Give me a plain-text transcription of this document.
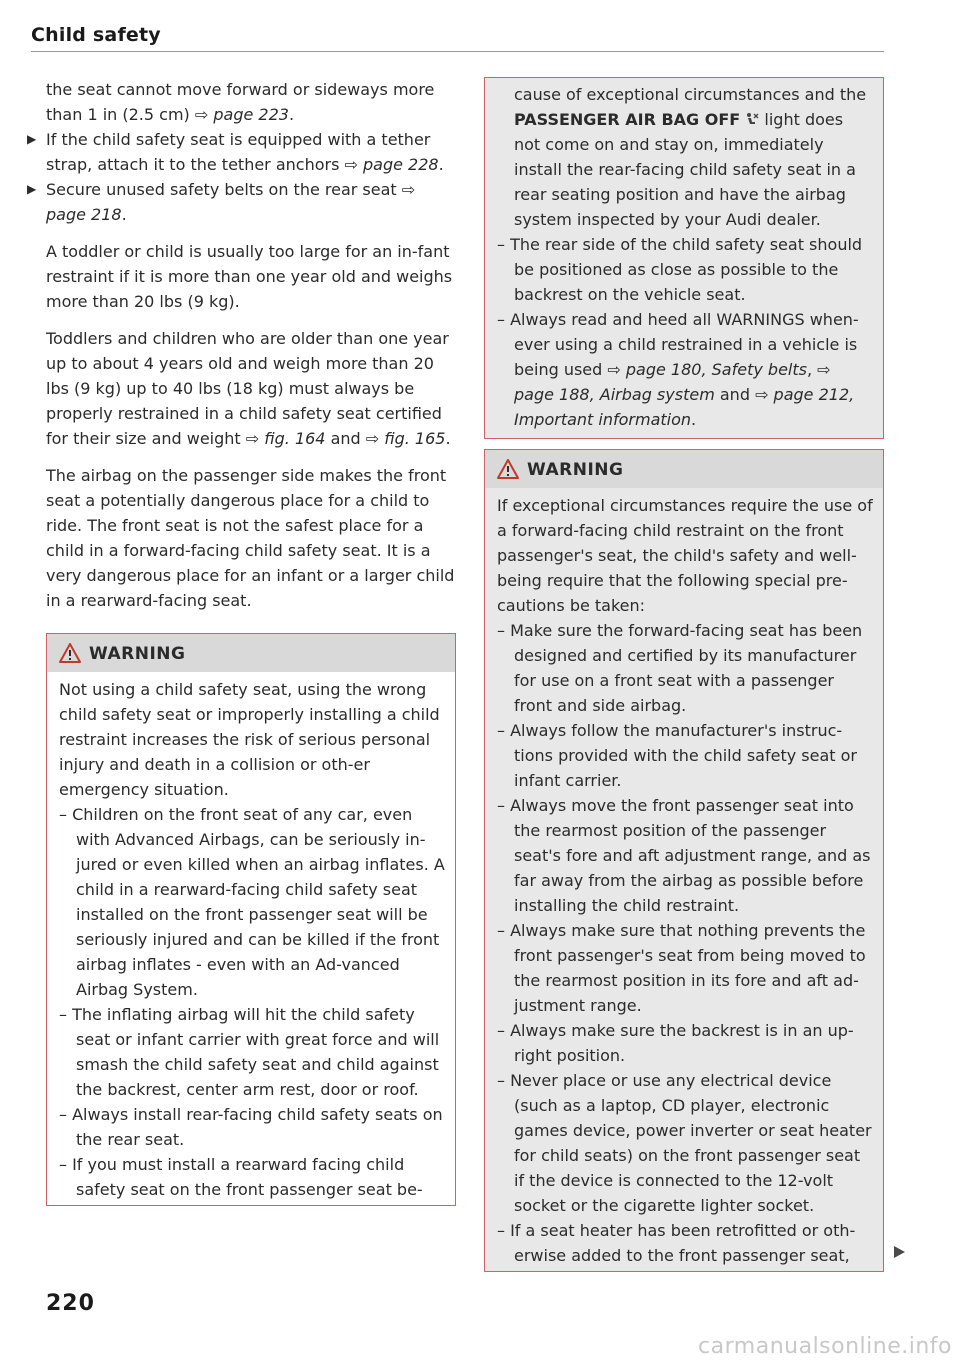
Child safety

the seat cannot move forward or sideways more than 1 in (2.5 cm) ⇨ page 223.

▶ If the child safety seat is equipped with a tether strap, attach it to the tether anchors ⇨ page 228.
▶ Secure unused safety belts on the rear seat ⇨ page 218.

A toddler or child is usually too large for an in-fant restraint if it is more than one year old and weighs more than 20 lbs (9 kg).

Toddlers and children who are older than one year up to about 4 years old and weigh more than 20 lbs (9 kg) up to 40 lbs (18 kg) must always be properly restrained in a child safety seat certified for their size and weight ⇨ fig. 164 and ⇨ fig. 165.

The airbag on the passenger side makes the front seat a potentially dangerous place for a child to ride. The front seat is not the safest place for a child in a forward-facing child safety seat. It is a very dangerous place for an infant or a larger child in a rearward-facing seat.

WARNING

Not using a child safety seat, using the wrong child safety seat or improperly installing a child restraint increases the risk of serious personal injury and death in a collision or oth-er emergency situation.

– Children on the front seat of any car, even with Advanced Airbags, can be seriously in-jured or even killed when an airbag inflates. A child in a rearward-facing child safety seat installed on the front passenger seat will be seriously injured and can be killed if the front airbag inflates - even with an Ad-vanced Airbag System.

– The inflating airbag will hit the child safety seat or infant carrier with great force and will smash the child safety seat and child against the backrest, center arm rest, door or roof.

– Always install rear-facing child safety seats on the rear seat.

– If you must install a rearward facing child safety seat on the front passenger seat be-

cause of exceptional circumstances and the PASSENGER AIR BAG OFF  light does not come on and stay on, immediately install the rear-facing child safety seat in a rear seating position and have the airbag system inspected by your Audi dealer.

– The rear side of the child safety seat should be positioned as close as possible to the backrest on the vehicle seat.

– Always read and heed all WARNINGS when-ever using a child restrained in a vehicle is being used ⇨ page 180, Safety belts, ⇨ page 188, Airbag system and ⇨ page 212, Important information.

WARNING

If exceptional circumstances require the use of a forward-facing child restraint on the front passenger's seat, the child's safety and well-being require that the following special pre-cautions be taken:

– Make sure the forward-facing seat has been designed and certified by its manufacturer for use on a front seat with a passenger front and side airbag.

– Always follow the manufacturer's instruc-tions provided with the child safety seat or infant carrier.

– Always move the front passenger seat into the rearmost position of the passenger seat's fore and aft adjustment range, and as far away from the airbag as possible before installing the child restraint.

– Always make sure that nothing prevents the front passenger's seat from being moved to the rearmost position in its fore and aft ad-justment range.

– Always make sure the backrest is in an up-right position.

– Never place or use any electrical device (such as a laptop, CD player, electronic games device, power inverter or seat heater for child seats) on the front passenger seat if the device is connected to the 12-volt socket or the cigarette lighter socket.

– If a seat heater has been retrofitted or oth-erwise added to the front passenger seat,

220
carmanualsonline.info
